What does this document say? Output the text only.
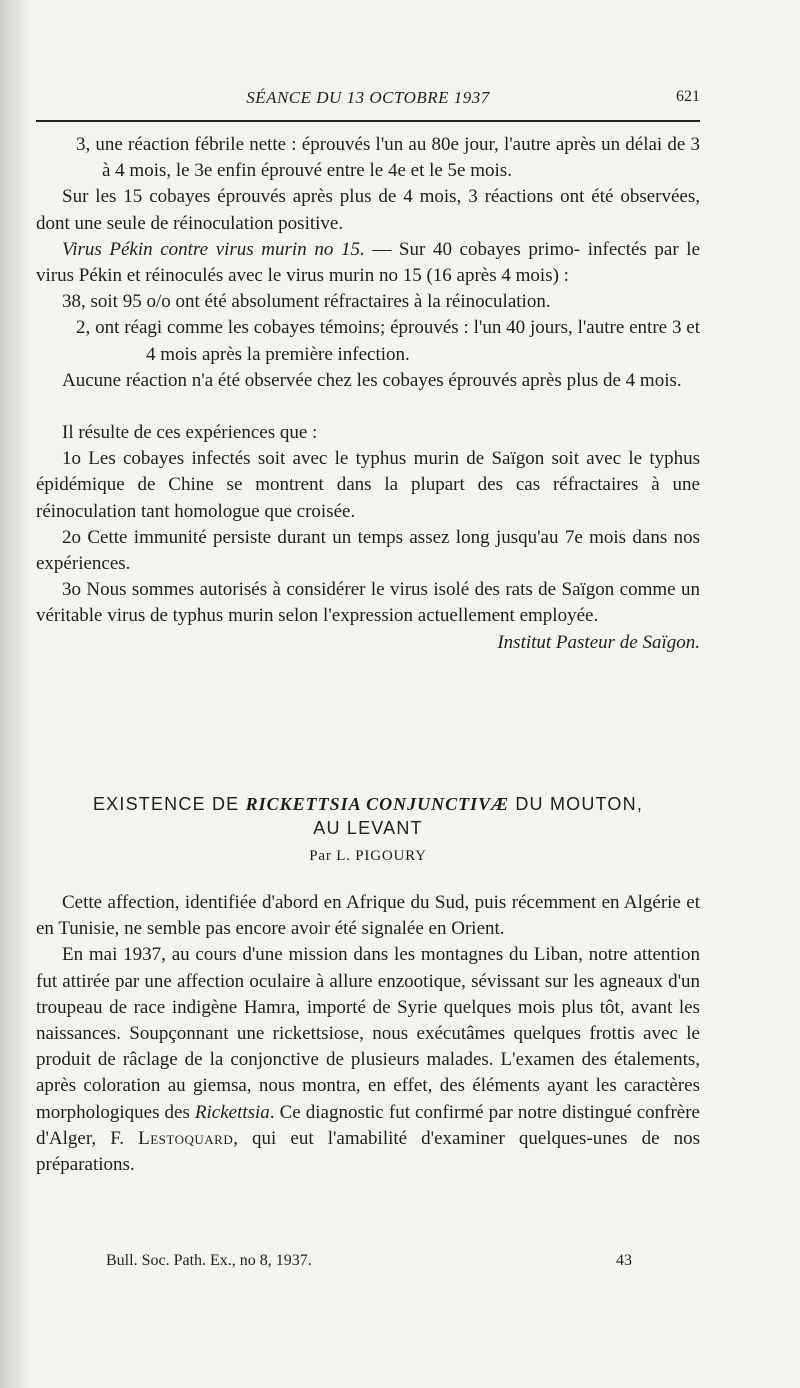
SÉANCE DU 13 OCTOBRE 1937	621

3, une réaction fébrile nette : éprouvés l'un au 80e jour, l'autre après un délai de 3 à 4 mois, le 3e enfin éprouvé entre le 4e et le 5e mois.

Sur les 15 cobayes éprouvés après plus de 4 mois, 3 réactions ont été observées, dont une seule de réinoculation positive.

Virus Pékin contre virus murin no 15. — Sur 40 cobayes primo- infectés par le virus Pékin et réinoculés avec le virus murin no 15 (16 après 4 mois) :

38, soit 95 o/o ont été absolument réfractaires à la réinoculation.

2, ont réagi comme les cobayes témoins; éprouvés : l'un 40 jours, l'autre entre 3 et 4 mois après la première infection.

Aucune réaction n'a été observée chez les cobayes éprouvés après plus de 4 mois.

Il résulte de ces expériences que :

1o Les cobayes infectés soit avec le typhus murin de Saïgon soit avec le typhus épidémique de Chine se montrent dans la plupart des cas réfractaires à une réinoculation tant homologue que croisée.

2o Cette immunité persiste durant un temps assez long jusqu'au 7e mois dans nos expériences.

3o Nous sommes autorisés à considérer le virus isolé des rats de Saïgon comme un véritable virus de typhus murin selon l'expression actuellement employée.

Institut Pasteur de Saïgon.

EXISTENCE DE RICKETTSIA CONJUNCTIVÆ DU MOUTON,

AU LEVANT

Par L. PIGOURY

Cette affection, identifiée d'abord en Afrique du Sud, puis récemment en Algérie et en Tunisie, ne semble pas encore avoir été signalée en Orient.

En mai 1937, au cours d'une mission dans les montagnes du Liban, notre attention fut attirée par une affection oculaire à allure enzootique, sévissant sur les agneaux d'un troupeau de race indigène Hamra, importé de Syrie quelques mois plus tôt, avant les naissances. Soupçonnant une rickettsiose, nous exécutâmes quelques frottis avec le produit de râclage de la conjonctive de plusieurs malades. L'examen des étalements, après coloration au giemsa, nous montra, en effet, des éléments ayant les caractères morphologiques des Rickettsia. Ce diagnostic fut confirmé par notre distingué confrère d'Alger, F. Lestoquard, qui eut l'amabilité d'examiner quelques-unes de nos préparations.

Bull. Soc. Path. Ex., no 8, 1937.	43
